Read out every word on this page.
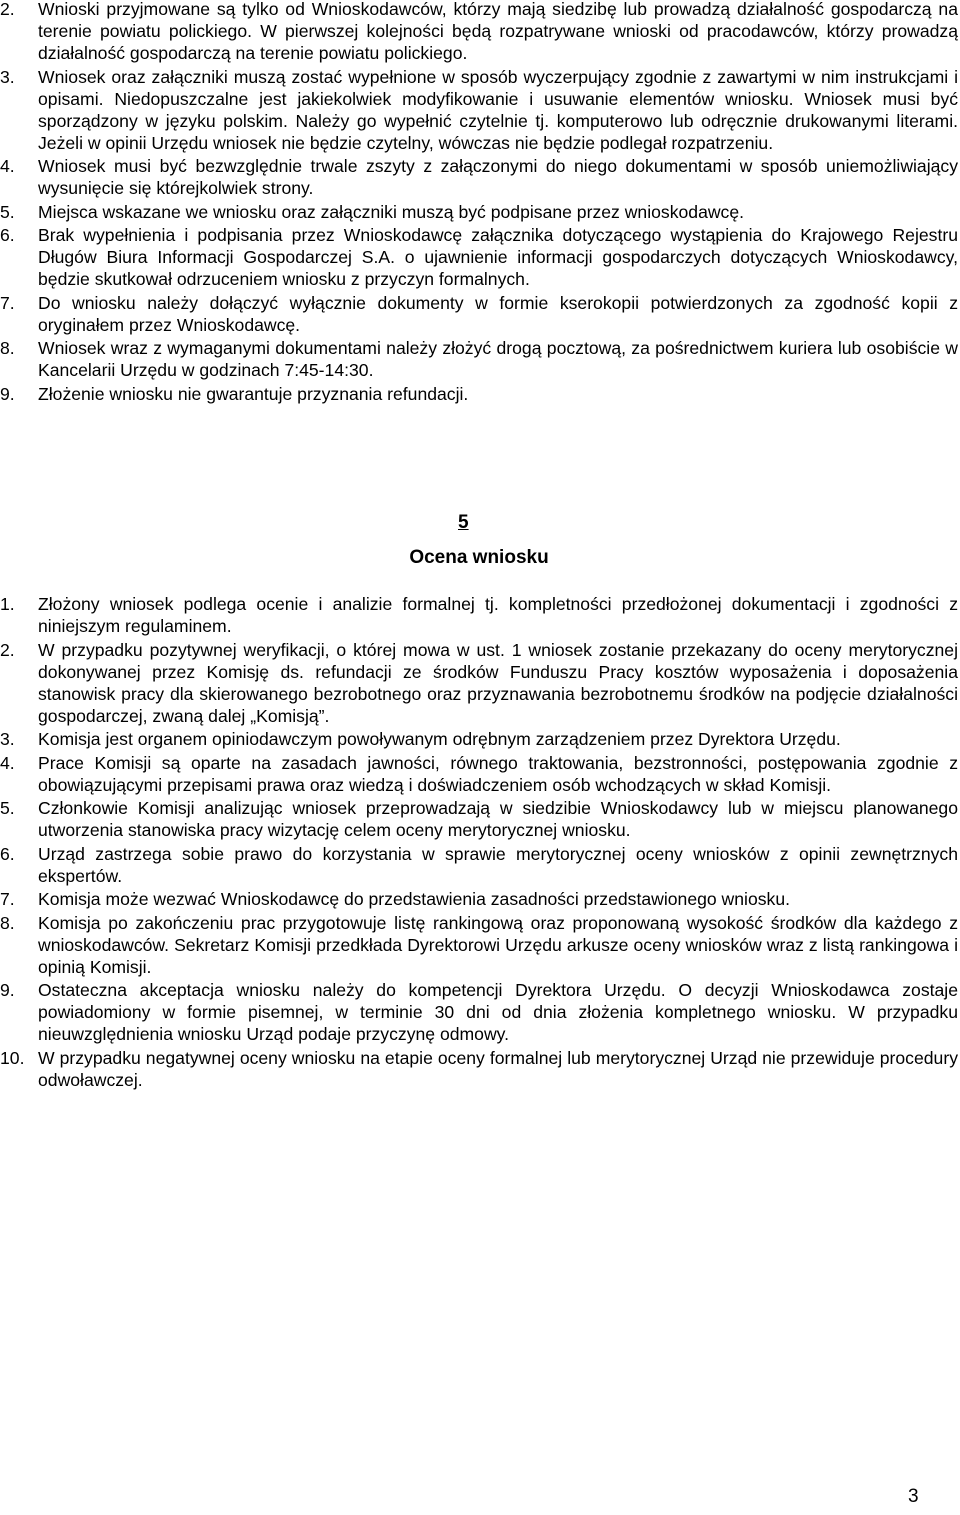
2.	Wnioski przyjmowane są tylko od Wnioskodawców, którzy mają siedzibę lub prowadzą działalność gospodarczą na terenie powiatu polickiego. W pierwszej kolejności będą rozpatrywane wnioski od pracodawców, którzy prowadzą działalność gospodarczą na terenie powiatu polickiego.
3.	Wniosek oraz załączniki muszą zostać wypełnione w sposób wyczerpujący zgodnie z zawartymi w nim instrukcjami i opisami. Niedopuszczalne jest jakiekolwiek modyfikowanie i usuwanie elementów wniosku. Wniosek musi być sporządzony w języku polskim. Należy go wypełnić czytelnie tj. komputerowo lub odręcznie drukowanymi literami. Jeżeli w opinii Urzędu wniosek nie będzie czytelny, wówczas nie będzie podlegał rozpatrzeniu.
4.	Wniosek musi być bezwzględnie trwale zszyty z załączonymi do niego dokumentami w sposób uniemożliwiający wysunięcie się którejkolwiek strony.
5.	Miejsca wskazane we wniosku oraz załączniki muszą być podpisane przez wnioskodawcę.
6.	Brak wypełnienia i podpisania przez Wnioskodawcę załącznika dotyczącego wystąpienia do Krajowego Rejestru Długów Biura Informacji Gospodarczej S.A. o ujawnienie informacji gospodarczych dotyczących Wnioskodawcy, będzie skutkował odrzuceniem wniosku z przyczyn formalnych.
7.	Do wniosku należy dołączyć wyłącznie dokumenty w formie kserokopii potwierdzonych za zgodność kopii z oryginałem przez Wnioskodawcę.
8.	Wniosek wraz z wymaganymi dokumentami należy złożyć drogą pocztową, za pośrednictwem kuriera lub osobiście w Kancelarii Urzędu w godzinach 7:45-14:30.
9.	Złożenie wniosku nie gwarantuje przyznania refundacji.
5
Ocena wniosku
1.	Złożony wniosek podlega ocenie i analizie formalnej tj. kompletności przedłożonej dokumentacji i zgodności z niniejszym regulaminem.
2.	W przypadku pozytywnej weryfikacji, o której mowa w ust. 1 wniosek zostanie przekazany do oceny merytorycznej dokonywanej przez Komisję ds. refundacji ze środków Funduszu Pracy kosztów wyposażenia i doposażenia stanowisk pracy dla skierowanego bezrobotnego oraz przyznawania bezrobotnemu środków na podjęcie działalności gospodarczej, zwaną dalej „Komisją”.
3.	Komisja jest organem opiniodawczym powoływanym odrębnym zarządzeniem przez Dyrektora Urzędu.
4.	Prace Komisji są oparte na zasadach jawności, równego traktowania, bezstronności, postępowania zgodnie z obowiązującymi przepisami prawa oraz wiedzą i doświadczeniem osób wchodzących w skład Komisji.
5.	Członkowie Komisji analizując wniosek przeprowadzają w siedzibie Wnioskodawcy lub w miejscu planowanego utworzenia stanowiska pracy wizytację celem oceny merytorycznej wniosku.
6.	Urząd zastrzega sobie prawo do korzystania w sprawie merytorycznej oceny wniosków z opinii zewnętrznych ekspertów.
7.	Komisja może wezwać Wnioskodawcę do przedstawienia zasadności przedstawionego wniosku.
8.	Komisja po zakończeniu prac przygotowuje listę rankingową oraz proponowaną wysokość środków dla każdego z wnioskodawców. Sekretarz Komisji przedkłada Dyrektorowi Urzędu arkusze oceny wniosków wraz z listą rankingowa i opinią Komisji.
9.	Ostateczna akceptacja wniosku należy do kompetencji Dyrektora Urzędu. O decyzji Wnioskodawca zostaje powiadomiony w formie pisemnej, w terminie 30 dni od dnia złożenia kompletnego wniosku. W przypadku nieuwzględnienia wniosku Urząd podaje przyczynę odmowy.
10. W przypadku negatywnej oceny wniosku na etapie oceny formalnej lub merytorycznej Urząd nie przewiduje procedury odwoławczej.
3
